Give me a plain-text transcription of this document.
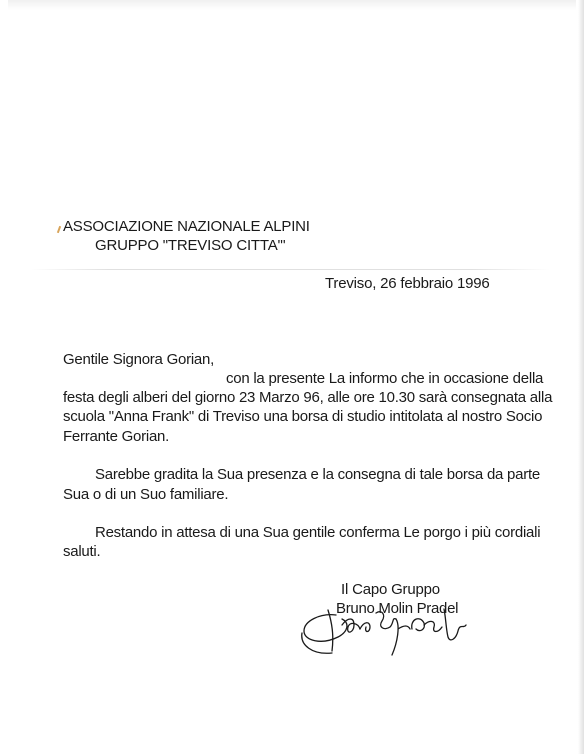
ASSOCIAZIONE NAZIONALE ALPINI
GRUPPO "TREVISO CITTA'"
Treviso, 26 febbraio 1996
Gentile Signora Gorian,
con la presente La informo che in occasione della
festa degli alberi del giorno 23 Marzo 96, alle ore 10.30 sarà consegnata alla
scuola "Anna Frank" di Treviso una borsa di studio intitolata al nostro Socio
Ferrante Gorian.
Sarebbe gradita la Sua presenza e la consegna di tale borsa da parte
Sua o di un Suo familiare.
Restando in attesa di una Sua gentile conferma Le porgo i più cordiali
saluti.
Il Capo Gruppo
Bruno Molin Pradel
